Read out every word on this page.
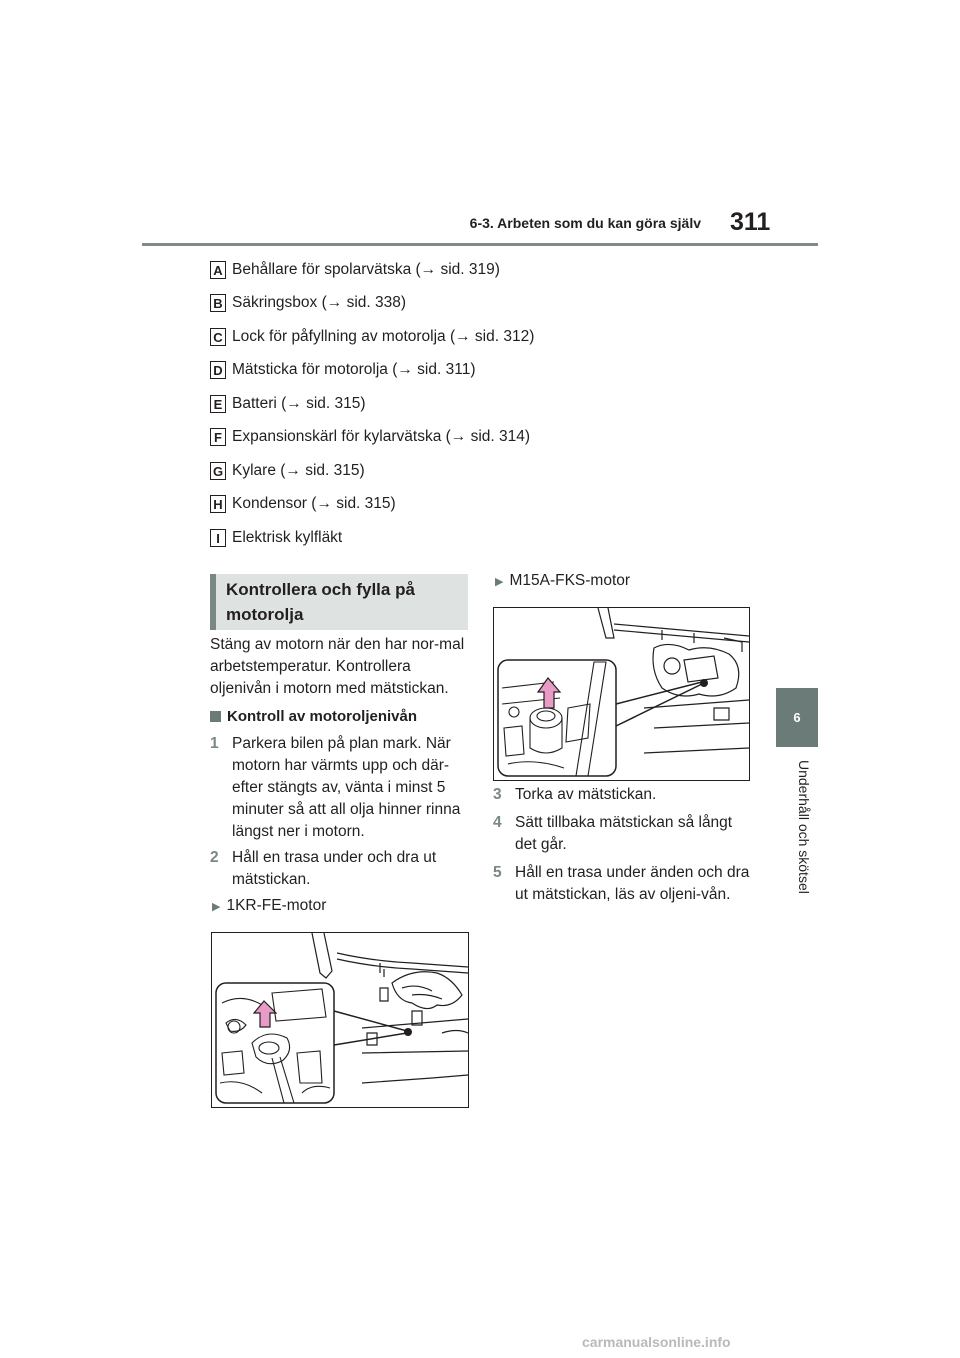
6-3. Arbeten som du kan göra själv 311
6
Underhåll och skötsel
A Behållare för spolarvätska (→ sid. 319)
B Säkringsbox (→ sid. 338)
C Lock för påfyllning av motorolja (→ sid. 312)
D Mätsticka för motorolja (→ sid. 311)
E Batteri (→ sid. 315)
F Expansionskärl för kylarvätska (→ sid. 314)
G Kylare (→ sid. 315)
H Kondensor (→ sid. 315)
I Elektrisk kylfläkt
Kontrollera och fylla på
motorolja
Stäng av motorn när den har nor-mal arbetstemperatur. Kontrollera oljenivån i motorn med mätstickan.
Kontroll av motoroljenivån
1 Parkera bilen på plan mark. När motorn har värmts upp och där-efter stängts av, vänta i minst 5 minuter så att all olja hinner rinna längst ner i motorn.
2 Håll en trasa under och dra ut mätstickan.
▶ 1KR-FE-motor
▶ M15A-FKS-motor
3 Torka av mätstickan.
4 Sätt tillbaka mätstickan så långt det går.
5 Håll en trasa under änden och dra ut mätstickan, läs av oljeni-vån.
carmanualsonline.info
